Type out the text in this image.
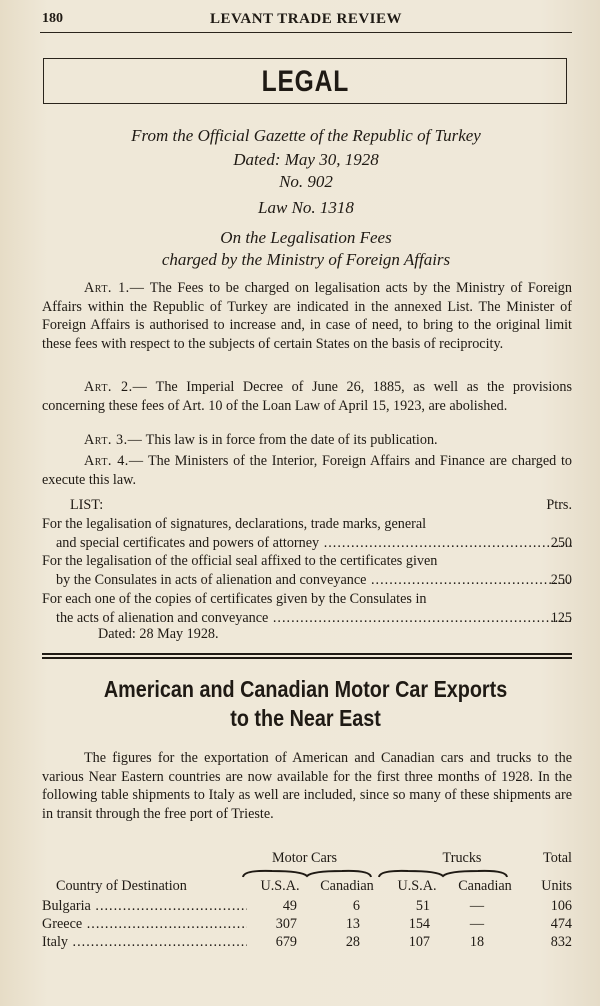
180	LEVANT TRADE REVIEW
LEGAL
From the Official Gazette of the Republic of Turkey
Dated: May 30, 1928
No. 902
Law No. 1318
On the Legalisation Fees
charged by the Ministry of Foreign Affairs
Art. 1.— The Fees to be charged on legalisation acts by the Ministry of Foreign Affairs within the Republic of Turkey are indicated in the annexed List. The Minister of Foreign Affairs is authorised to increase and, in case of need, to bring to the original limit these fees with respect to the subjects of certain States on the basis of reciprocity.
Art. 2.— The Imperial Decree of June 26, 1885, as well as the provisions concerning these fees of Art. 10 of the Loan Law of April 15, 1923, are abolished.
Art. 3.— This law is in force from the date of its publication.
Art. 4.— The Ministers of the Interior, Foreign Affairs and Finance are charged to execute this law.
LIST:	Ptrs.
For the legalisation of signatures, declarations, trade marks, general
and special certificates and powers of attorney .....	250
For the legalisation of the official seal affixed to the certificates given
by the Consulates in acts of alienation and conveyance .....	250
For each one of the copies of certificates given by the Consulates in
the acts of alienation and conveyance .....	125
Dated: 28 May 1928.
American and Canadian Motor Car Exports
to the Near East
The figures for the exportation of American and Canadian cars and trucks to the various Near Eastern countries are now available for the first three months of 1928. In the following table shipments to Italy as well are included, since so many of these shipments are in transit through the free port of Trieste.
Motor Cars	Trucks	Total
Country of Destination	U.S.A.	Canadian	U.S.A.	Canadian	Units
Bulgaria .....	49	6	51	—	106
Greece .....	307	13	154	—	474
Italy .....	679	28	107	18	832
